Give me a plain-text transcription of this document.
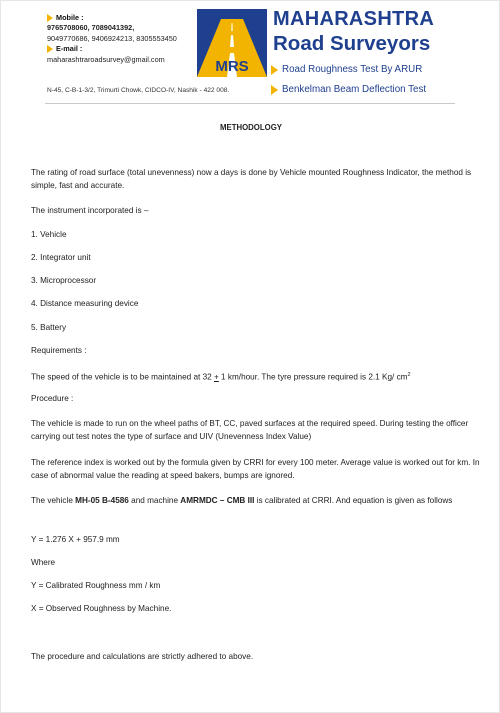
Mobile :
9765708060, 7089041392,
9049770686, 9406924213, 8305553450
E-mail :
maharashtraroadsurvey@gmail.com	MRS
MAHARASHTRA
Road Surveyors
Road Roughness Test By ARUR
Benkelman Beam Deflection Test
N-45, C-B-1-3/2, Trimurti Chowk, CIDCO-IV, Nashik - 422 008.
METHODOLOGY
The rating of road surface (total unevenness) now a days is done by Vehicle mounted Roughness Indicator, the method is simple, fast and accurate.
The instrument incorporated is –
1. Vehicle
2. Integrator unit
3. Microprocessor
4. Distance measuring device
5. Battery
Requirements :
The speed of the vehicle is to be maintained at 32 + 1 km/hour. The tyre pressure required is 2.1 Kg/ $cm^2$
Procedure :
The vehicle is made to run on the wheel paths of BT, CC, paved surfaces at the required speed. During testing the officer carrying out test notes the type of surface and UIV (Unevenness Index Value)
The reference index is worked out by the formula given by CRRI for every 100 meter. Average value is worked out for km. In case of abnormal value the reading at speed bakers, bumps are ignored.
The vehicle MH-05 B-4586 and machine AMRMDC – CMB III is calibrated at CRRI. And equation is given as follows
Y = 1.276 X + 957.9 mm
Where
Y = Calibrated Roughness mm / km
X = Observed Roughness by Machine.
The procedure and calculations are strictly adhered to above.
